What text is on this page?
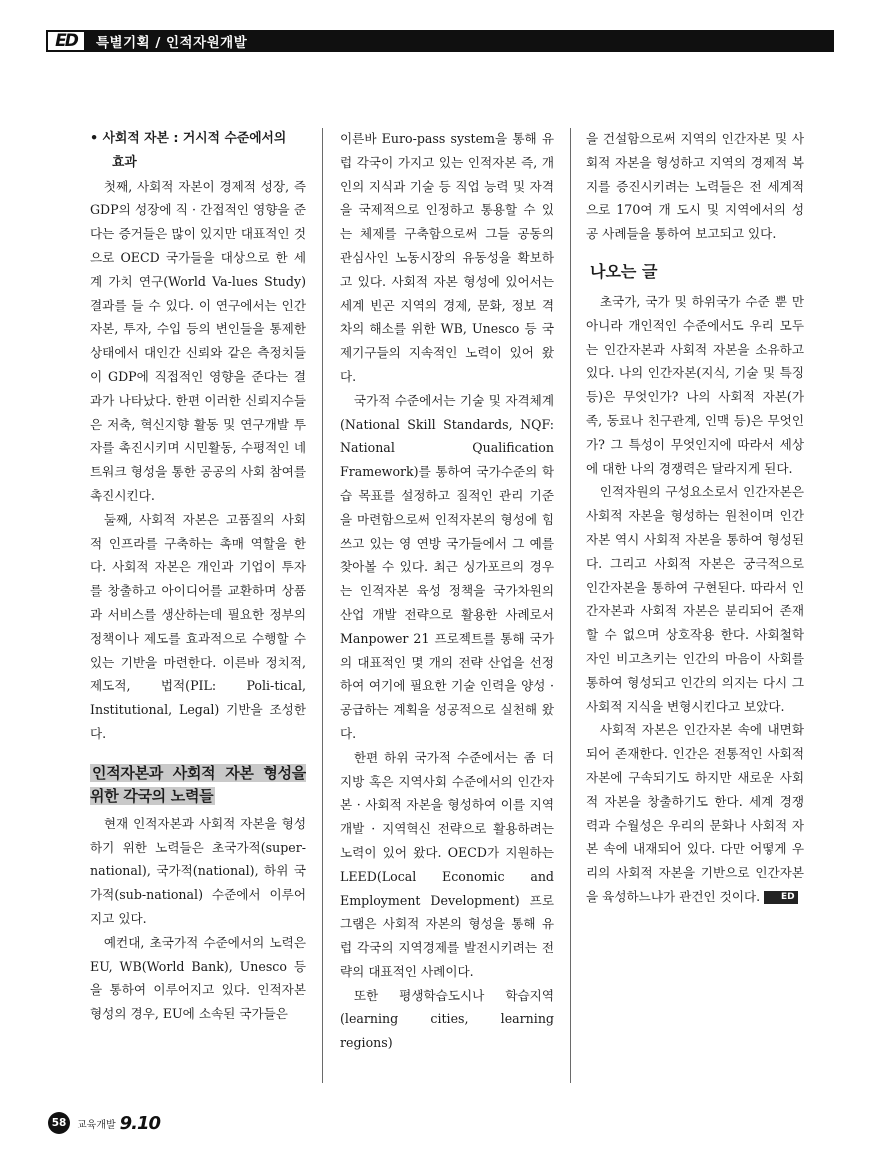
ED	특별기획 / 인적자원개발
• 사회적 자본 : 거시적 수준에서의
효과

첫째, 사회적 자본이 경제적 성장, 즉 GDP의 성장에 직 · 간접적인 영향을 준다는 증거들은 많이 있지만 대표적인 것으로 OECD 국가들을 대상으로 한 세계 가치 연구(World Va-lues Study)결과를 들 수 있다. 이 연구에서는 인간자본, 투자, 수입 등의 변인들을 통제한 상태에서 대인간 신뢰와 같은 측정치들이 GDP에 직접적인 영향을 준다는 결과가 나타났다. 한편 이러한 신뢰지수들은 저축, 혁신지향 활동 및 연구개발 투자를 촉진시키며 시민활동, 수평적인 네트워크 형성을 통한 공공의 사회 참여를 촉진시킨다.

둘째, 사회적 자본은 고품질의 사회적 인프라를 구축하는 촉매 역할을 한다. 사회적 자본은 개인과 기업이 투자를 창출하고 아이디어를 교환하며 상품과 서비스를 생산하는데 필요한 정부의 정책이나 제도를 효과적으로 수행할 수 있는 기반을 마련한다. 이른바 정치적, 제도적, 법적(PIL: Poli-tical, Institutional, Legal) 기반을 조성한다.

인적자본과 사회적 자본 형성을 위한 각국의 노력들

현재 인적자본과 사회적 자본을 형성하기 위한 노력들은 초국가적(super-national), 국가적(national), 하위 국가적(sub-national) 수준에서 이루어지고 있다.

예컨대, 초국가적 수준에서의 노력은 EU, WB(World Bank), Unesco 등을 통하여 이루어지고 있다. 인적자본 형성의 경우, EU에 소속된 국가들은

이른바 Euro-pass system을 통해 유럽 각국이 가지고 있는 인적자본 즉, 개인의 지식과 기술 등 직업 능력 및 자격을 국제적으로 인정하고 통용할 수 있는 체제를 구축함으로써 그들 공동의 관심사인 노동시장의 유동성을 확보하고 있다. 사회적 자본 형성에 있어서는 세계 빈곤 지역의 경제, 문화, 정보 격차의 해소를 위한 WB, Unesco 등 국제기구들의 지속적인 노력이 있어 왔다.

국가적 수준에서는 기술 및 자격체계(National Skill Standards, NQF: National Qualification Framework)를 통하여 국가수준의 학습 목표를 설정하고 질적인 관리 기준을 마련함으로써 인적자본의 형성에 힘쓰고 있는 영 연방 국가들에서 그 예를 찾아볼 수 있다. 최근 싱가포르의 경우는 인적자본 육성 정책을 국가차원의 산업 개발 전략으로 활용한 사례로서 Manpower 21 프로젝트를 통해 국가의 대표적인 몇 개의 전략 산업을 선정하여 여기에 필요한 기술 인력을 양성 · 공급하는 계획을 성공적으로 실천해 왔다.

한편 하위 국가적 수준에서는 좀 더 지방 혹은 지역사회 수준에서의 인간자본 · 사회적 자본을 형성하여 이를 지역개발 · 지역혁신 전략으로 활용하려는 노력이 있어 왔다. OECD가 지원하는 LEED(Local Economic and Employment Development) 프로그램은 사회적 자본의 형성을 통해 유럽 각국의 지역경제를 발전시키려는 전략의 대표적인 사례이다.

또한 평생학습도시나 학습지역(learning cities, learning regions)

을 건설함으로써 지역의 인간자본 및 사회적 자본을 형성하고 지역의 경제적 복지를 증진시키려는 노력들은 전 세계적으로 170여 개 도시 및 지역에서의 성공 사례들을 통하여 보고되고 있다.

나오는 글

초국가, 국가 및 하위국가 수준 뿐 만 아니라 개인적인 수준에서도 우리 모두는 인간자본과 사회적 자본을 소유하고 있다. 나의 인간자본(지식, 기술 및 특징 등)은 무엇인가? 나의 사회적 자본(가족, 동료나 친구관계, 인맥 등)은 무엇인가? 그 특성이 무엇인지에 따라서 세상에 대한 나의 경쟁력은 달라지게 된다.

인적자원의 구성요소로서 인간자본은 사회적 자본을 형성하는 원천이며 인간자본 역시 사회적 자본을 통하여 형성된다. 그리고 사회적 자본은 궁극적으로 인간자본을 통하여 구현된다. 따라서 인간자본과 사회적 자본은 분리되어 존재할 수 없으며 상호작용 한다. 사회철학자인 비고츠키는 인간의 마음이 사회를 통하여 형성되고 인간의 의지는 다시 그 사회적 지식을 변형시킨다고 보았다.

사회적 자본은 인간자본 속에 내면화되어 존재한다. 인간은 전통적인 사회적 자본에 구속되기도 하지만 새로운 사회적 자본을 창출하기도 한다. 세계 경쟁력과 수월성은 우리의 문화나 사회적 자본 속에 내재되어 있다. 다만 어떻게 우리의 사회적 자본을 기반으로 인간자본을 육성하느냐가 관건인 것이다. ED

58	교육개발 9.10
